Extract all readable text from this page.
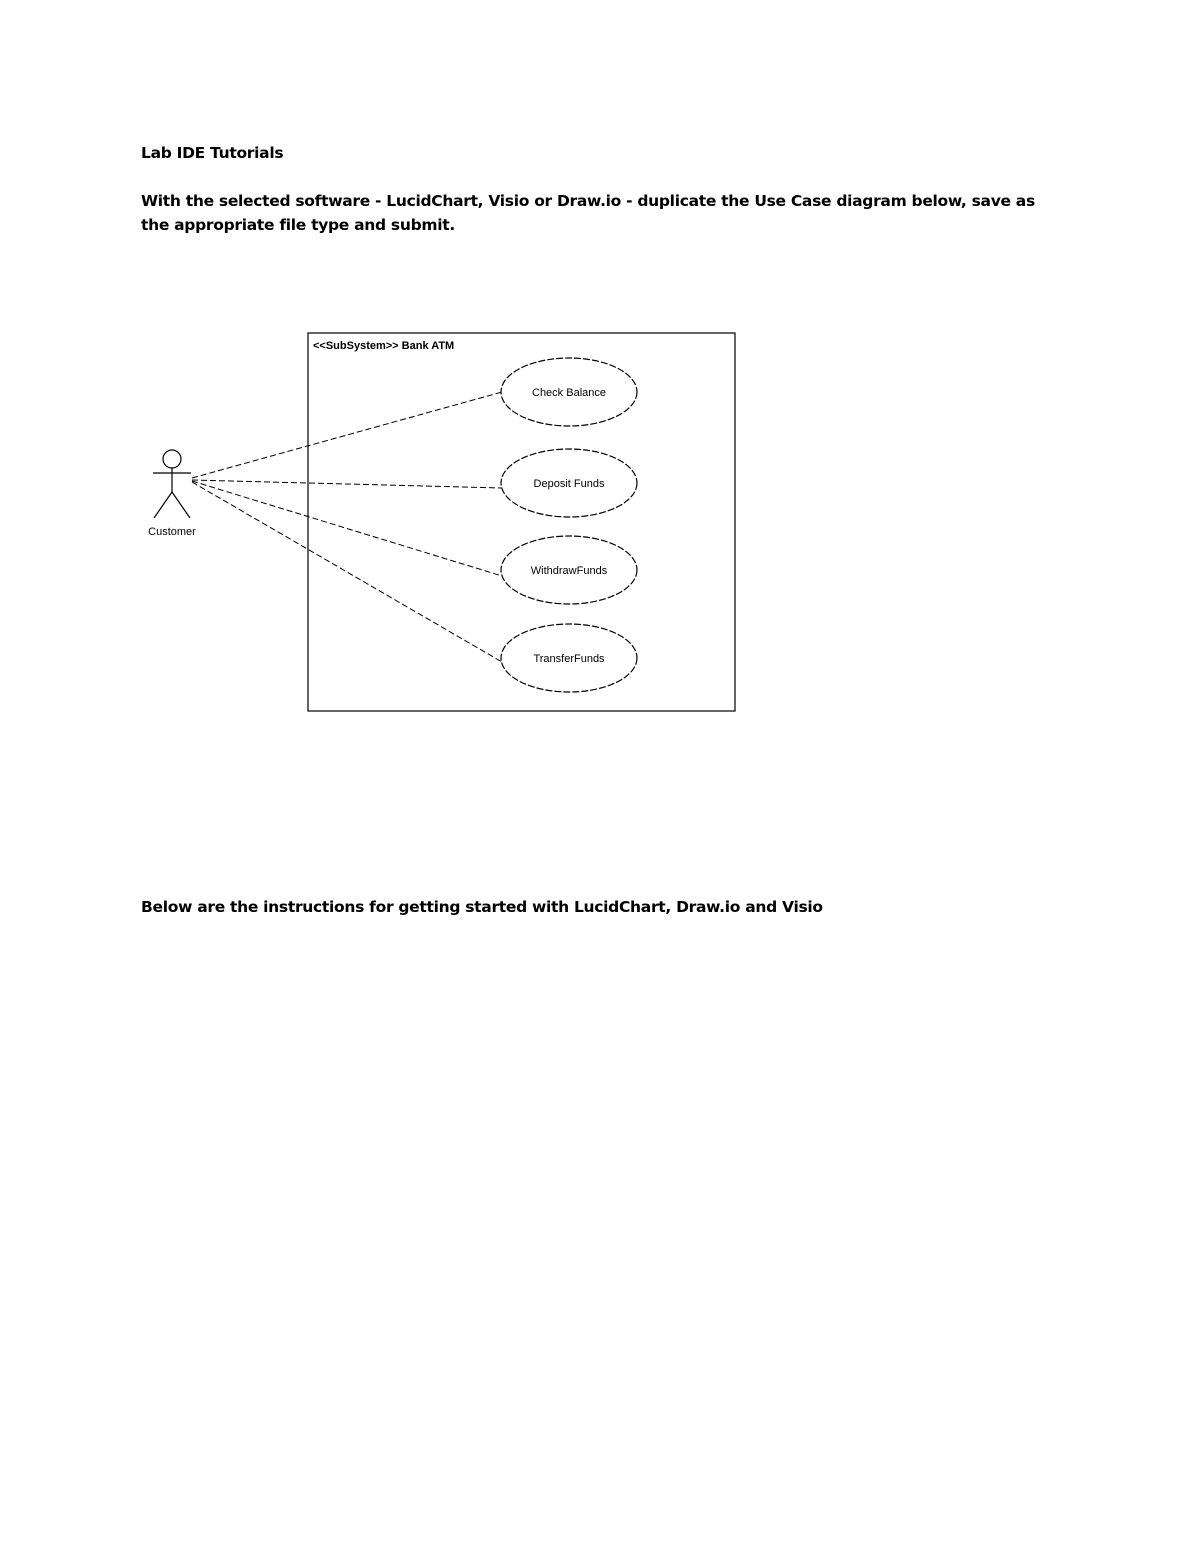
Lab IDE Tutorials

With the selected software - LucidChart, Visio or Draw.io - duplicate the Use Case diagram below, save as the appropriate file type and submit.

<<SubSystem>> Bank ATM
Customer
Check Balance
Deposit Funds
WithdrawFunds
TransferFunds

Below are the instructions for getting started with LucidChart, Draw.io and Visio
